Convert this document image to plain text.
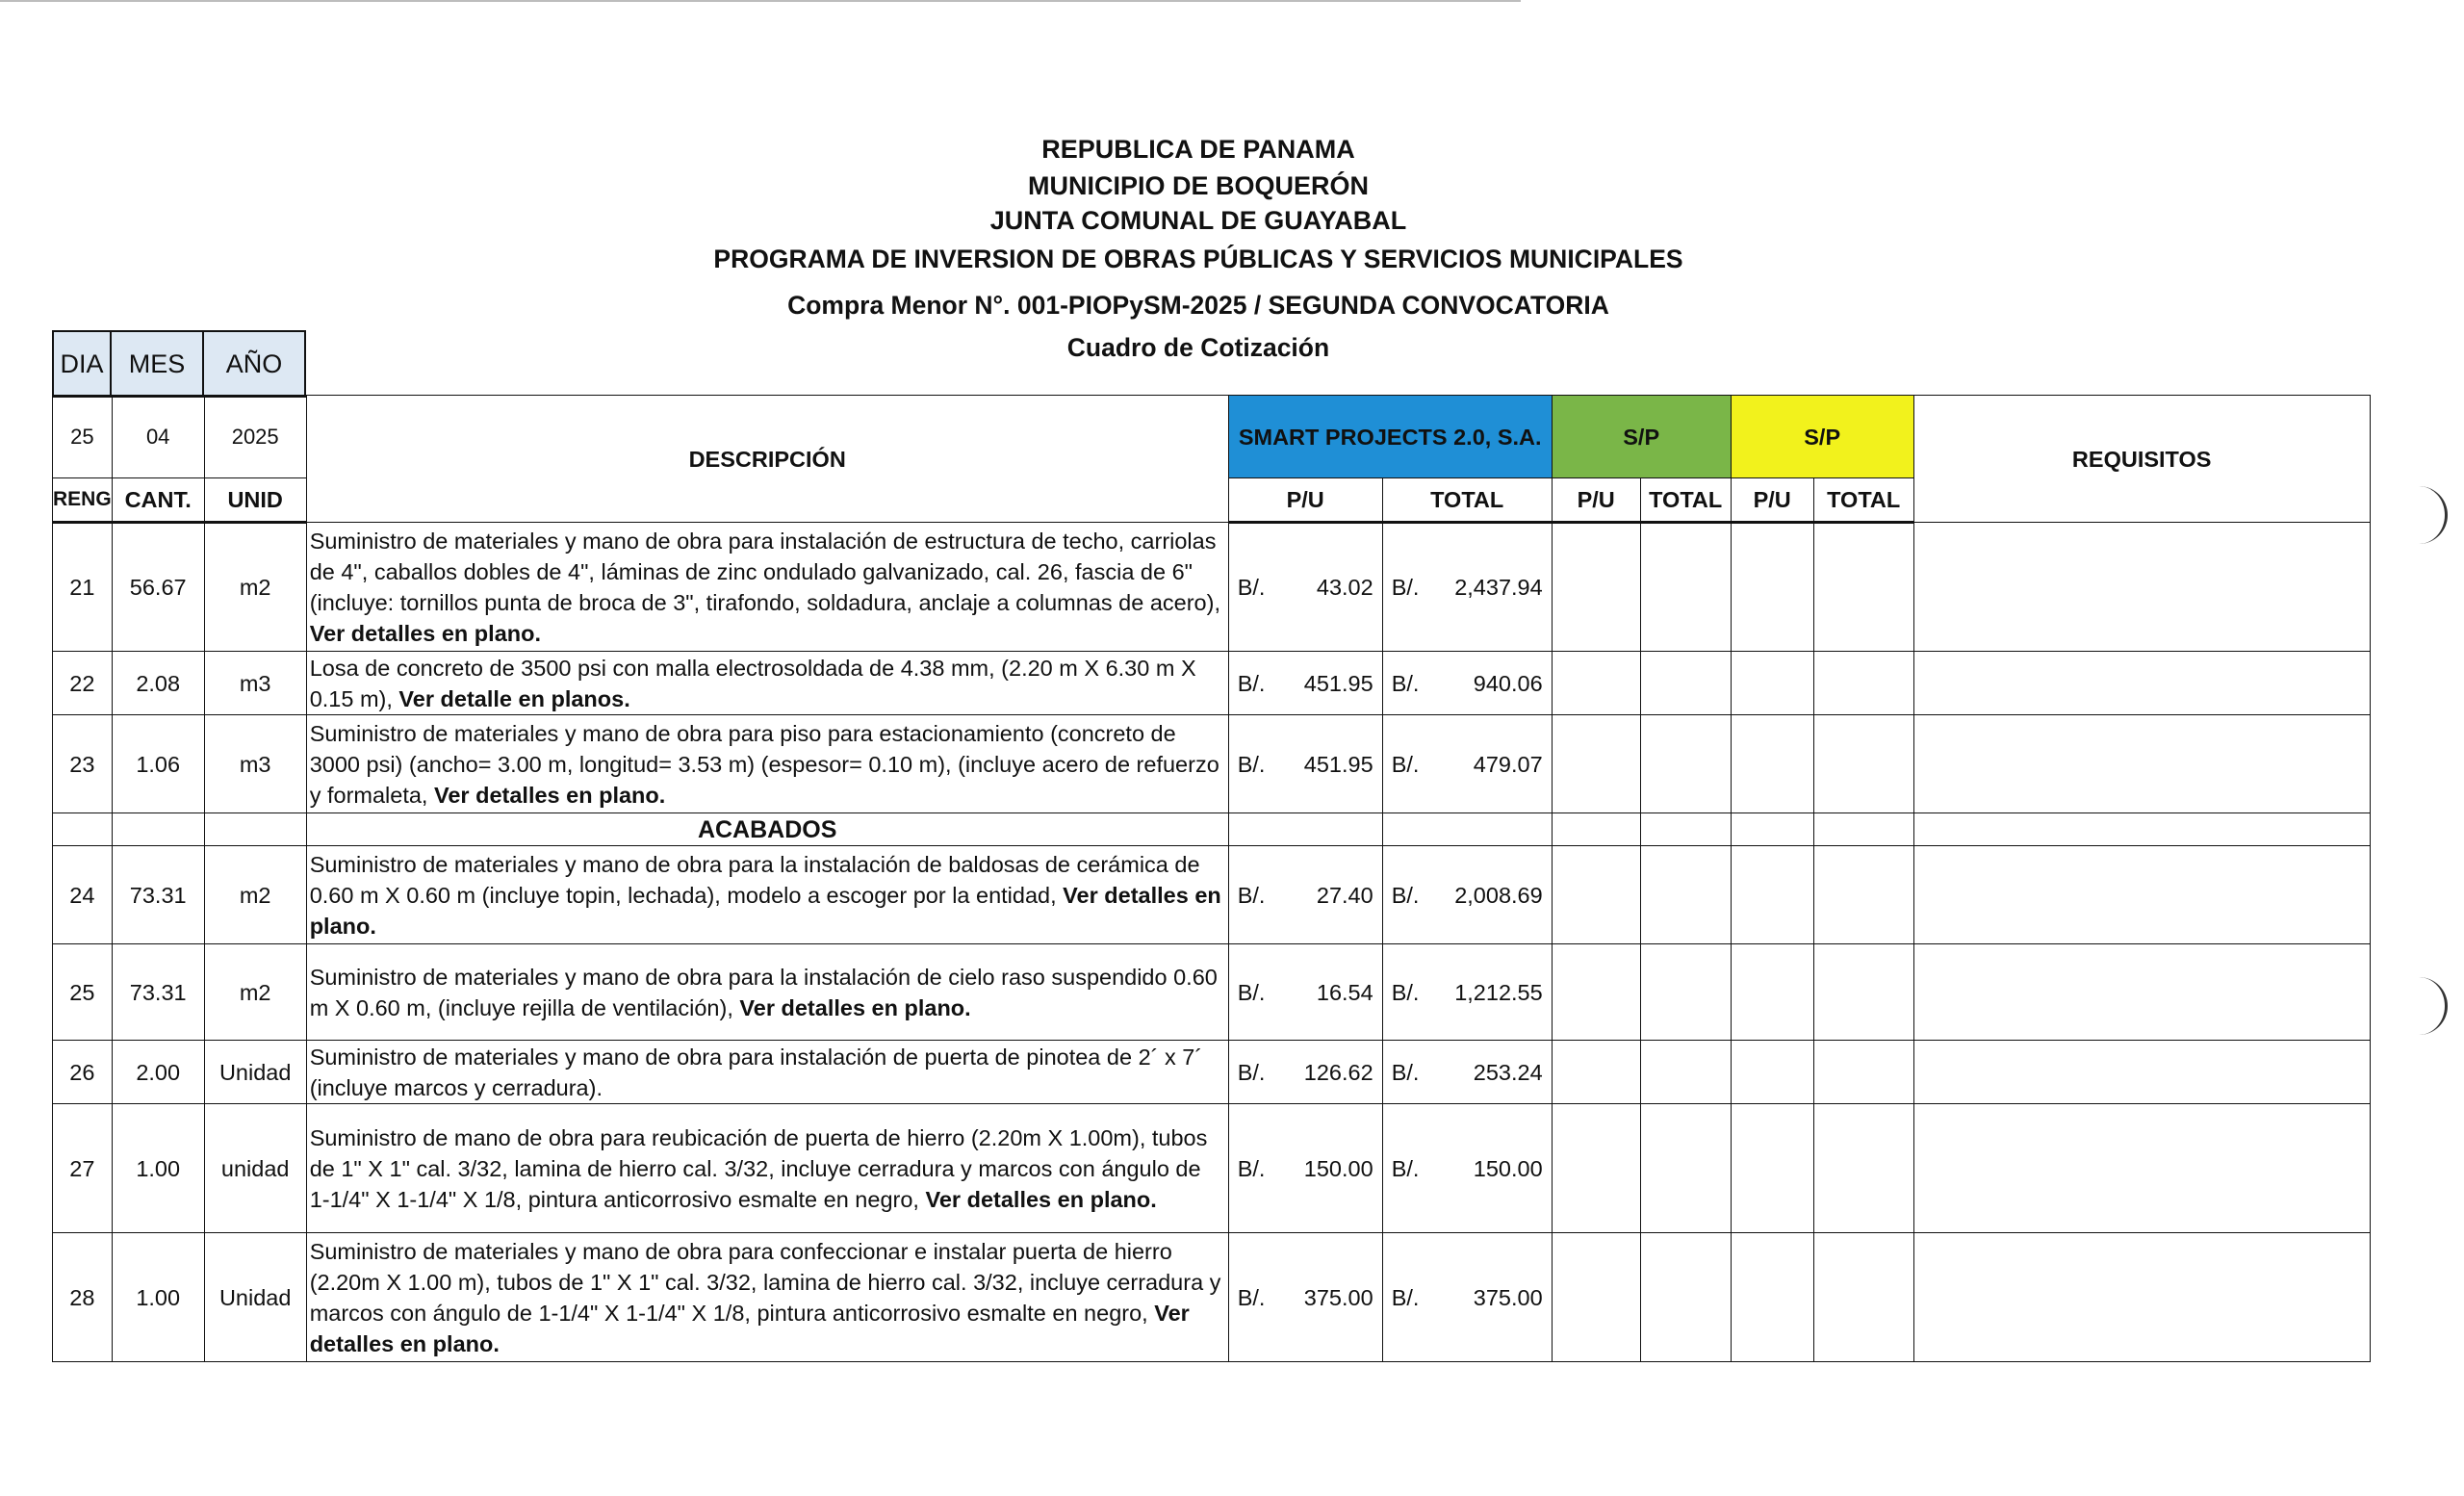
REPUBLICA DE PANAMA
MUNICIPIO DE BOQUERÓN
JUNTA COMUNAL DE GUAYABAL
PROGRAMA DE INVERSION DE OBRAS PÚBLICAS Y SERVICIOS MUNICIPALES
Compra Menor N°. 001-PIOPySM-2025 / SEGUNDA CONVOCATORIA
Cuadro de Cotización
DIA	MES	AÑO
25	04	2025	DESCRIPCIÓN	SMART PROJECTS 2.0, S.A.		S/P		S/P		REQUISITOS
RENG	CANT.	UNID		P/U	TOTAL	P/U	TOTAL	P/U	TOTAL	
21	56.67	m2	Suministro de materiales y mano de obra para instalación de estructura de techo, carriolas de 4", caballos dobles de 4", láminas de zinc ondulado galvanizado, cal. 26, fascia de 6" (incluye: tornillos punta de broca de 3", tirafondo, soldadura, anclaje a columnas de acero), Ver detalles en plano.	B/. 43.02	B/. 2,437.94					

22	2.08	m3	Losa de concreto de 3500 psi con malla electrosoldada de 4.38 mm, (2.20 m X 6.30 m X 0.15 m), Ver detalle en planos.	B/. 451.95	B/. 940.06					

23	1.06	m3	Suministro de materiales y mano de obra para piso para estacionamiento (concreto de 3000 psi) (ancho= 3.00 m, longitud= 3.53 m) (espesor= 0.10 m), (incluye acero de refuerzo y formaleta, Ver detalles en plano.	B/. 451.95	B/. 479.07					

			ACABADOS							
24	73.31	m2	Suministro de materiales y mano de obra para la instalación de baldosas de cerámica de 0.60 m X 0.60 m (incluye topin, lechada), modelo a escoger por la entidad, Ver detalles en plano.	B/. 27.40	B/. 2,008.69					

25	73.31	m2	Suministro de materiales y mano de obra para la instalación de cielo raso suspendido 0.60 m X 0.60 m, (incluye rejilla de ventilación), Ver detalles en plano.	B/. 16.54	B/. 1,212.55					

26	2.00	Unidad	Suministro de materiales y mano de obra para instalación de puerta de pinotea de 2´ x 7´ (incluye marcos y cerradura).	B/. 126.62	B/. 253.24					

27	1.00	unidad	Suministro de mano de obra para reubicación de puerta de hierro (2.20m X 1.00m), tubos de 1" X 1" cal. 3/32, lamina de hierro cal. 3/32, incluye cerradura y marcos con ángulo de 1-1/4" X 1-1/4" X 1/8, pintura anticorrosivo esmalte en negro, Ver detalles en plano.	B/. 150.00	B/. 150.00					

28	1.00	Unidad	Suministro de materiales y mano de obra para confeccionar e instalar puerta de hierro (2.20m X 1.00 m), tubos de 1" X 1" cal. 3/32, lamina de hierro cal. 3/32, incluye cerradura y marcos con ángulo de 1-1/4" X 1-1/4" X 1/8, pintura anticorrosivo esmalte en negro, Ver detalles en plano.	B/. 375.00	B/. 375.00					
